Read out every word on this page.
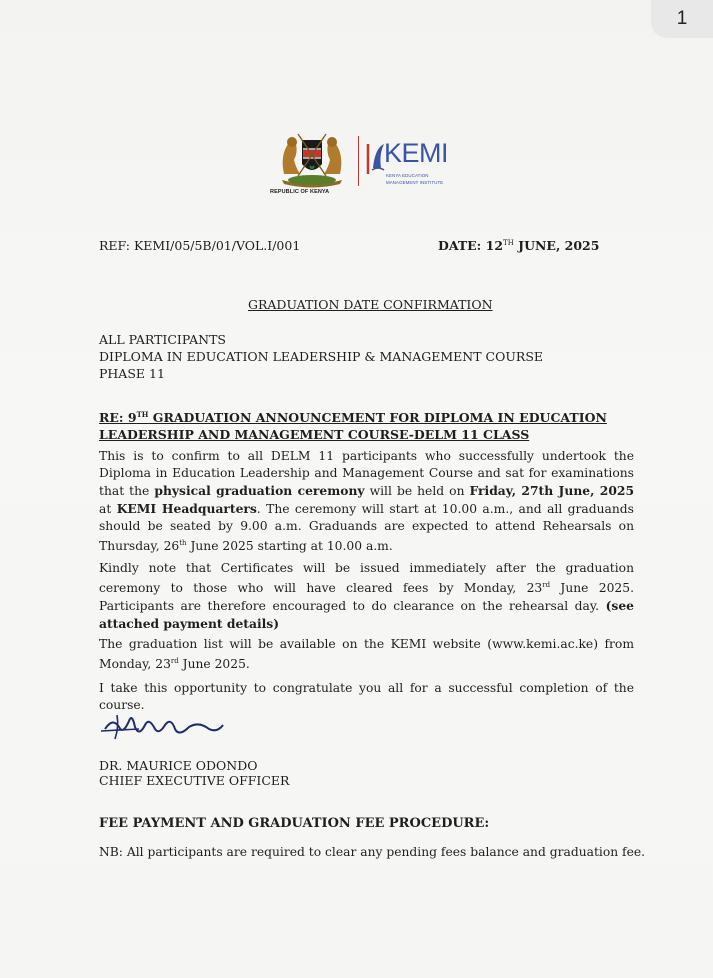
REPUBLIC OF KENYA
KEMI
KENYA EDUCATION
MANAGEMENT INSTITUTE
REF: KEMI/05/5B/01/VOL.I/001	DATE: 12TH JUNE, 2025
GRADUATION DATE CONFIRMATION
ALL PARTICIPANTS
DIPLOMA IN EDUCATION LEADERSHIP & MANAGEMENT COURSE
PHASE 11
RE: 9TH GRADUATION ANNOUNCEMENT FOR DIPLOMA IN EDUCATION LEADERSHIP AND MANAGEMENT COURSE-DELM 11 CLASS
This is to confirm to all DELM 11 participants who successfully undertook the Diploma in Education Leadership and Management Course and sat for examinations that the physical graduation ceremony will be held on Friday, 27th June, 2025 at KEMI Headquarters. The ceremony will start at 10.00 a.m., and all graduands should be seated by 9.00 a.m. Graduands are expected to attend Rehearsals on Thursday, 26th June 2025 starting at 10.00 a.m.
Kindly note that Certificates will be issued immediately after the graduation ceremony to those who will have cleared fees by Monday, 23rd June 2025. Participants are therefore encouraged to do clearance on the rehearsal day. (see attached payment details)
The graduation list will be available on the KEMI website (www.kemi.ac.ke) from Monday, 23rd June 2025.
I take this opportunity to congratulate you all for a successful completion of the course.
DR. MAURICE ODONDO
CHIEF EXECUTIVE OFFICER
FEE PAYMENT AND GRADUATION FEE PROCEDURE:
NB: All participants are required to clear any pending fees balance and graduation fee.
1
